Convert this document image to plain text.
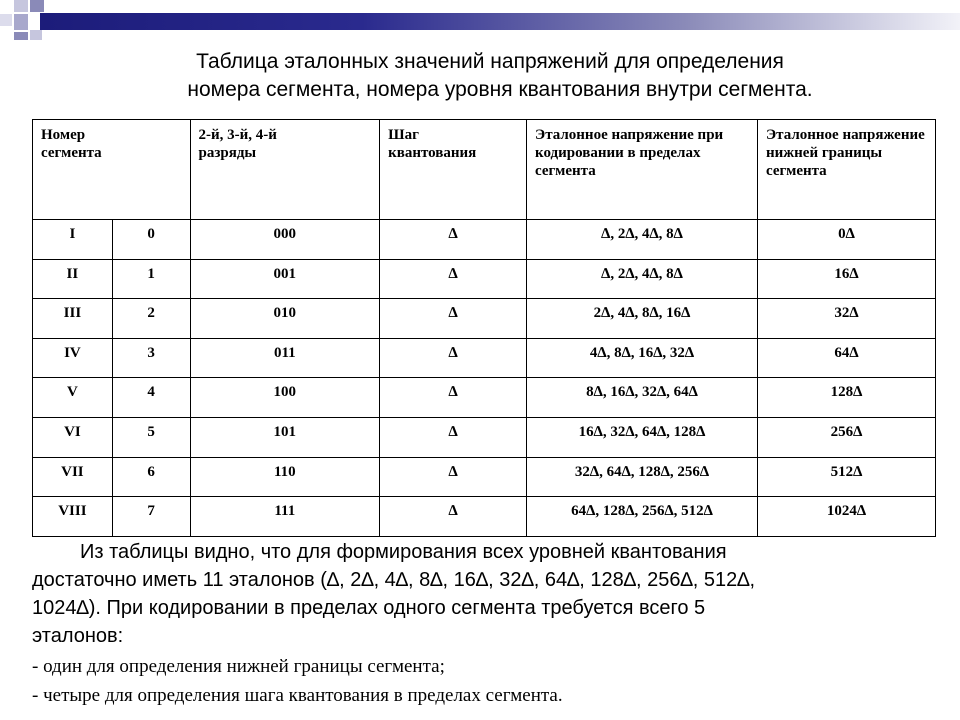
Таблица эталонных значений напряжений для определения
номера сегмента, номера уровня квантования внутри сегмента.
Номер сегмента		2-й, 3-й, 4-й разряды	Шаг квантования	Эталонное напряжение при кодировании в пределах сегмента	Эталонное напряжение нижней границы сегмента

I	0	000	∆	∆, 2∆, 4∆, 8∆	0∆
II	1	001	∆	∆, 2∆, 4∆, 8∆	16∆
III	2	010	∆	2∆, 4∆, 8∆, 16∆	32∆
IV	3	011	∆	4∆, 8∆, 16∆, 32∆	64∆
V	4	100	∆	8∆, 16∆, 32∆, 64∆	128∆
VI	5	101	∆	16∆, 32∆, 64∆, 128∆	256∆
VII	6	110	∆	32∆, 64∆, 128∆, 256∆	512∆
VIII	7	111	∆	64∆, 128∆, 256∆, 512∆	1024∆
Из таблицы видно, что для формирования всех уровней квантования
достаточно иметь 11 эталонов (∆, 2∆, 4∆, 8∆, 16∆, 32∆, 64∆, 128∆, 256∆, 512∆,
1024∆). При кодировании в пределах одного сегмента требуется всего 5
эталонов:
- один для определения нижней границы сегмента;
- четыре для определения шага квантования в пределах сегмента.
